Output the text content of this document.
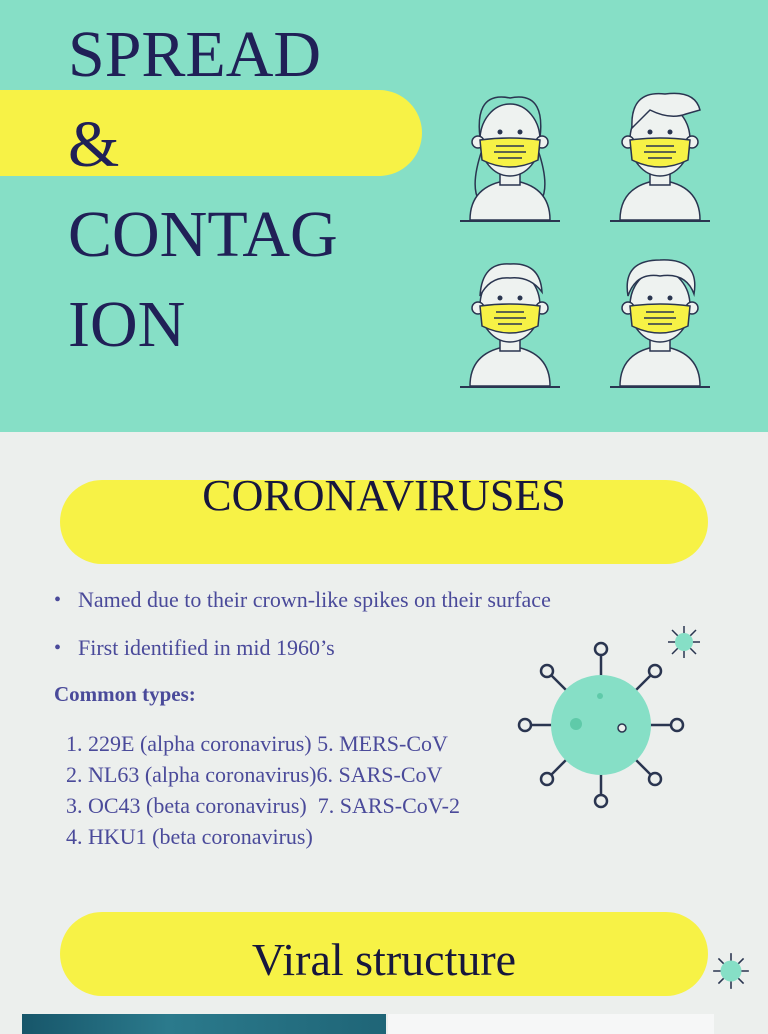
SPREAD
&
CONTAG
ION
CORONAVIRUSES
• Named due to their crown-like spikes on their surface
• First identified in mid 1960’s

Common types:

1. 229E (alpha coronavirus) 5. MERS-CoV
2. NL63 (alpha coronavirus)6. SARS-CoV
3. OC43 (beta coronavirus)  7. SARS-CoV-2
4. HKU1 (beta coronavirus)
Viral structure
